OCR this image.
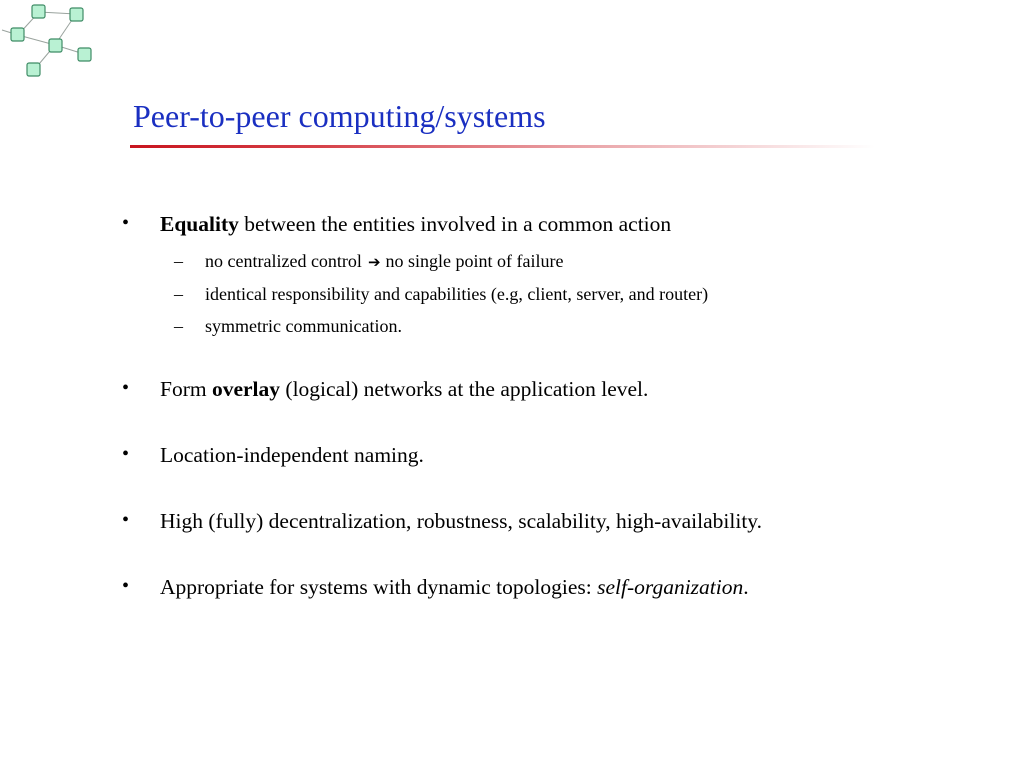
Peer-to-peer computing/systems
• Equality between the entities involved in a common action
– no centralized control ➔ no single point of failure
– identical responsibility and capabilities (e.g, client, server, and router)
– symmetric communication.
• Form overlay (logical) networks at the application level.
• Location-independent naming.
• High (fully) decentralization, robustness, scalability, high-availability.
• Appropriate for systems with dynamic topologies: self-organization.
